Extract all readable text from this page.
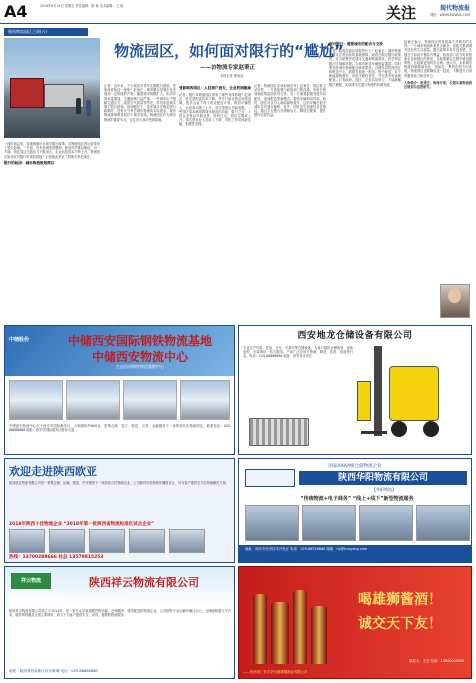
A4	2019年6月14日 星期五 责任编辑：陈 林 美术编辑：王 琼	关注	现代物流报
网址：WWW.XDWLB.COM
聚焦物流园区之困(五)
物流园区，如何面对限行的“尴尬”
——访物流专家赵秉正
本报记者 曹雨辰

一段时间以来，各地相继出台城市限行政策，对物流园区的运营带来了很大影响。一方面，货车进城受到限制，配送时效难以保证；另一方面，园区周边交通压力不断加大，企业运营成本不断上升。物流园区如何应对限行带来的挑战？记者就此采访了物流专家赵秉正。

限行的起因：城市物流规划滞后

记者：近年来，不少城市对货车实施限行措施，您如何看待这一现象？赵秉正：城市限行是城市化发展到一定阶段的产物。随着城市规模扩大，机动车保有量增加，交通拥堵日益严重，一些城市出于缓解交通压力、改善空气质量等考虑，对货车进城实施了限行措施。但问题在于，很多城市在制定限行政策时，没有充分考虑城市物流的实际需求，城市物流规划明显滞后于城市发展。物流园区作为城市物流的重要节点，往往首当其冲受到影响。

受影响的园区：入驻商户流失，企业利润缩减

记者：限行对物流园区带来了哪些具体影响？赵秉正：首先是配送效率下降。货车只能在规定时段进城，很多企业不得不改变配送计划，增加车辆投入，运营成本随之上升。其次是园区功能受限。一些园区原本承担着城市配送的功能，限行之后，入驻企业难以开展业务，纷纷迁出，园区空置率上升。再次是从业人员收入下降，司机工作时间被压缩，积极性受挫。

记者：物流园区应该如何应对？赵秉正：园区要主动转型，一方面加强与政府部门的沟通，争取在规划和政策层面获得支持；另一方面要积极发展共同配送、夜间配送等新模式，提高车辆利用效率。同时，园区可以引入新能源物流车，这类车辆在很多城市享有通行便利。此外，园区还应加强信息化建设，通过平台整合货源和运力，降低空驶率，提升整体运营效益。

面对限行：需要城市的配合与支持

记者：政府层面应该做些什么？赵秉正：城市物流是城市正常运转的基础保障。政府在制定限行政策时，应当统筹考虑城市交通和物流需求，科学划定限行区域和时段，为城市配送车辆预留通道。同时要加快城市物流配送体系建设，合理布局物流园区和配送中心，鼓励发展统一配送、集中配送。对于新能源物流车，应给予路权优先，并完善充电设施配套。只有政府、园区、企业共同努力，才能破解限行难题，实现城市交通与物流的协调发展。

赵秉正表示，物流园区的发展离不开城市的支持。一个城市物流体系是否健全，直接关系到城市居民的生活质量。限行政策本身并没有错，关键在于如何平衡各方利益。政府部门应当听取物流企业和园区的意见，在政策制定过程中增加透明度，让政策更加科学合理。他认为，未来城市物流将朝着绿色化、智能化、集约化的方向发展，物流园区也要顺应这一趋势，不断提升自身的服务能力和竞争力。

人物简介：赵秉正，物流专家，长期从事物流园区规划与运营研究。

中储股份	中储西安国际钢铁物流基地
中储西安物流中心
打造西部钢铁物流集散中心
中储西安物流中心位于西安市国际港务区，占地面积约600亩，是集仓储、加工、配送、交易、金融服务于一体的现代化物流园区。联系电话：029-88888888 地址：西安市国际港务区港务大道
西安地龙仓储设备有限公司
专业生产货架、托盘、叉车、手推车等仓储设备，为客户提供仓储规划、设备选型、安装调试一站式服务。产品广泛应用于物流、制造、医药、食品等行业。电话：029-88886666 地址：西安市未央区
欢迎走进陕西欧亚
陕西欧亚物流有限公司是一家集仓储、运输、配送、汽车销售于一体的综合性物流企业。公司拥有各类物流车辆数百台，可为客户提供全方位物流解决方案。
2018年陕西十佳物流企业 “2018年第一批陕西省物流标准化试点企业”
热线：13700289666 杜总 13579815253
国家AAAA级仓储物流企业
陕西华阳物流有限公司
【华阳物流】
“传统物流+电子商务” “线上+线下”新型物流服务
地址：西安市经济技术开发区 电话：029-86526888 邮箱：hy@huayang.com
祥云物流	陕西祥云物流有限公司
陕西祥云物流有限公司成立于2014年，是一家专业从事道路货物运输、仓储服务、城市配送的物流企业。公司拥有专业运输车辆百余台，仓储面积数万平方米，服务网络覆盖全国主要城市，致力于为客户提供安全、高效、便捷的物流服务。
地址：陕西省西咸新区沣东新城 电话：029-88888888
喝雄狮酱酒！
诚交天下友！
——贵州省仁怀市茅台镇雄狮酒业有限公司
联系人：王总 电话：13800000000
